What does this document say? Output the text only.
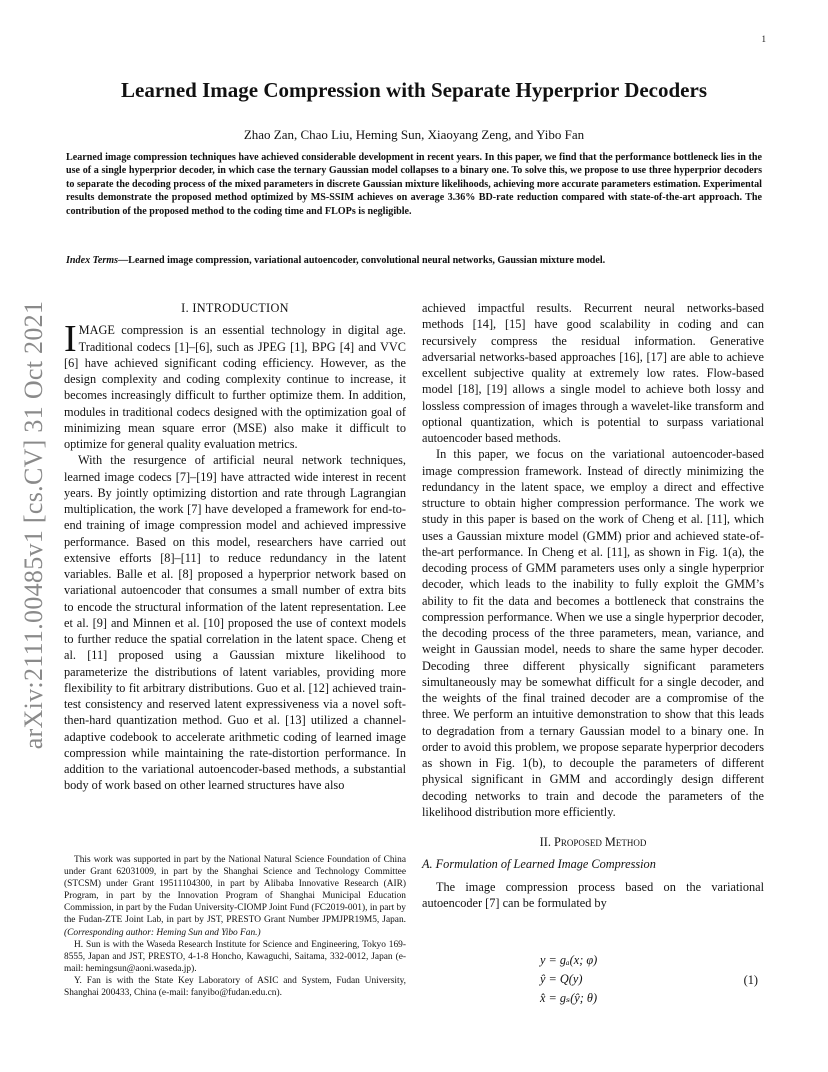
1
arXiv:2111.00485v1 [cs.CV] 31 Oct 2021
Learned Image Compression with Separate Hyperprior Decoders
Zhao Zan, Chao Liu, Heming Sun, Xiaoyang Zeng, and Yibo Fan
Learned image compression techniques have achieved considerable development in recent years. In this paper, we find that the performance bottleneck lies in the use of a single hyperprior decoder, in which case the ternary Gaussian model collapses to a binary one. To solve this, we propose to use three hyperprior decoders to separate the decoding process of the mixed parameters in discrete Gaussian mixture likelihoods, achieving more accurate parameters estimation. Experimental results demonstrate the proposed method optimized by MS-SSIM achieves on average 3.36% BD-rate reduction compared with state-of-the-art approach. The contribution of the proposed method to the coding time and FLOPs is negligible.
Index Terms—Learned image compression, variational autoencoder, convolutional neural networks, Gaussian mixture model.
I. INTRODUCTION

IMAGE compression is an essential technology in digital age. Traditional codecs [1]–[6], such as JPEG [1], BPG [4] and VVC [6] have achieved significant coding efficiency. However, as the design complexity and coding complexity continue to increase, it becomes increasingly difficult to further optimize them. In addition, modules in traditional codecs designed with the optimization goal of minimizing mean square error (MSE) also make it difficult to optimize for general quality evaluation metrics.

With the resurgence of artificial neural network techniques, learned image codecs [7]–[19] have attracted wide interest in recent years. By jointly optimizing distortion and rate through Lagrangian multiplication, the work [7] have developed a framework for end-to-end training of image compression model and achieved impressive performance. Based on this model, researchers have carried out extensive efforts [8]–[11] to reduce redundancy in the latent variables. Balle et al. [8] proposed a hyperprior network based on variational autoencoder that consumes a small number of extra bits to encode the structural information of the latent representation. Lee et al. [9] and Minnen et al. [10] proposed the use of context models to further reduce the spatial correlation in the latent space. Cheng et al. [11] proposed using a Gaussian mixture likelihood to parameterize the distributions of latent variables, providing more flexibility to fit arbitrary distributions. Guo et al. [12] achieved train-test consistency and reserved latent expressiveness via a novel soft-then-hard quantization method. Guo et al. [13] utilized a channel-adaptive codebook to accelerate arithmetic coding of learned image compression while maintaining the rate-distortion performance. In addition to the variational autoencoder-based methods, a substantial body of work based on other learned structures have also

achieved impactful results. Recurrent neural networks-based methods [14], [15] have good scalability in coding and can recursively compress the residual information. Generative adversarial networks-based approaches [16], [17] are able to achieve excellent subjective quality at extremely low rates. Flow-based model [18], [19] allows a single model to achieve both lossy and lossless compression of images through a wavelet-like transform and optional quantization, which is potential to surpass variational autoencoder based methods.

In this paper, we focus on the variational autoencoder-based image compression framework. Instead of directly minimizing the redundancy in the latent space, we employ a direct and effective structure to obtain higher compression performance. The work we study in this paper is based on the work of Cheng et al. [11], which uses a Gaussian mixture model (GMM) prior and achieved state-of-the-art performance. In Cheng et al. [11], as shown in Fig. 1(a), the decoding process of GMM parameters uses only a single hyperprior decoder, which leads to the inability to fully exploit the GMM’s ability to fit the data and becomes a bottleneck that constrains the compression performance. When we use a single hyperprior decoder, the decoding process of the three parameters, mean, variance, and weight in Gaussian model, needs to share the same hyper decoder. Decoding three different physically significant parameters simultaneously may be somewhat difficult for a single decoder, and the weights of the final trained decoder are a compromise of the three. We perform an intuitive demonstration to show that this leads to degradation from a ternary Gaussian model to a binary one. In order to avoid this problem, we propose separate hyperprior decoders as shown in Fig. 1(b), to decouple the parameters of different physical significant in GMM and accordingly design different decoding networks to train and decode the parameters of the likelihood distribution more efficiently.

II. Proposed Method
A. Formulation of Learned Image Compression

The image compression process based on the variational autoencoder [7] can be formulated by

y = gₐ(x; φ)
ŷ = Q(y)
x̂ = gₛ(ŷ; θ)
(1)

This work was supported in part by the National Natural Science Foundation of China under Grant 62031009, in part by the Shanghai Science and Technology Committee (STCSM) under Grant 19511104300, in part by Alibaba Innovative Research (AIR) Program, in part by the Innovation Program of Shanghai Municipal Education Commission, in part by the Fudan University-CIOMP Joint Fund (FC2019-001), in part by the Fudan-ZTE Joint Lab, in part by JST, PRESTO Grant Number JPMJPR19M5, Japan. (Corresponding author: Heming Sun and Yibo Fan.)

H. Sun is with the Waseda Research Institute for Science and Engineering, Tokyo 169-8555, Japan and JST, PRESTO, 4-1-8 Honcho, Kawaguchi, Saitama, 332-0012, Japan (e-mail: hemingsun@aoni.waseda.jp).

Y. Fan is with the State Key Laboratory of ASIC and System, Fudan University, Shanghai 200433, China (e-mail: fanyibo@fudan.edu.cn).
